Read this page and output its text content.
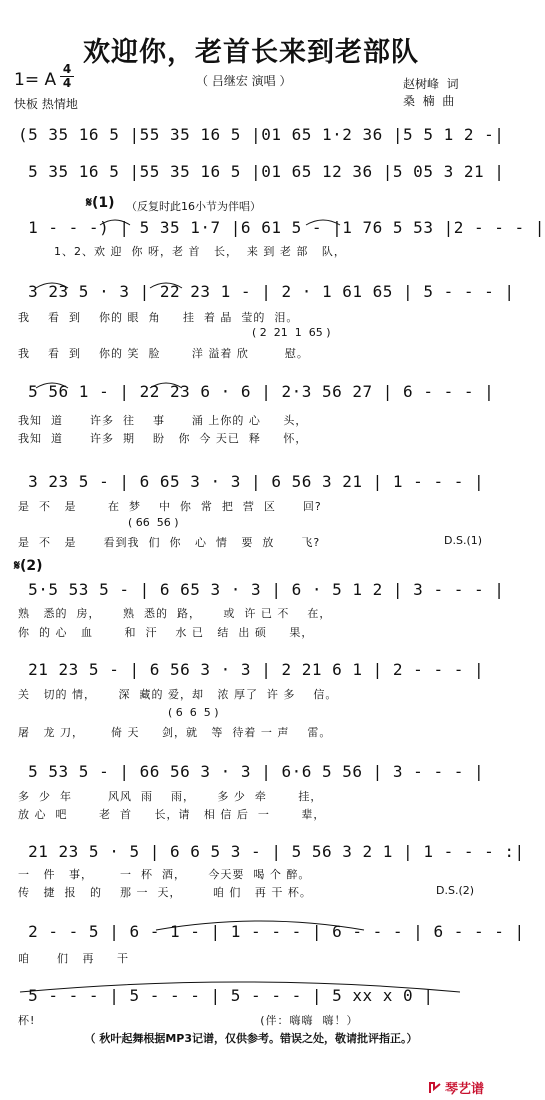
欢迎你，老首长来到老部队
1= A
4
4
快板 热情地
（ 吕继宏 演唱 ）	赵树峰  词
桑  楠  曲
(5 35 16 5 |55 35 16 5 |01 65 1·2 36 |5 5 1 2 -|
5 35 16 5 |55 35 16 5 |01 65 12 36 |5 05 3 21 |
𝄋(1) （反复时此16小节为伴唱）
1 - - -) | 5 35 1·7 |6 61 5 - |1 76 5 53 |2 - - - |
1、2、欢 迎  你 呀，老 首   长，  来 到 老 部   队，
3 23 5 · 3 | 22 23 1 - | 2 · 1 61 65 | 5 - - - |
我    看  到    你的 眼  角     挂  着 晶  莹的  泪。
( 2  21  1  65 )
我    看  到    你的 笑  脸       洋 溢着 欣        慰。
5 56 1 - | 22 23 6 · 6 | 2·3 56 27 | 6 - - - |
我知  道      许多  往    事      涌 上你的 心     头，
我知  道      许多  期    盼   你  今 天已  释     怀，
3 23 5 - | 6 65 3 · 3 | 6 56 3 21 | 1 - - - |
是  不   是       在  梦    中  你  常  把  营  区      回?
( 66  56 )
是  不   是      看到我  们  你   心  情   要  放      飞?	D.S.(1)
𝄋(2)
5·5 53 5 - | 6 65 3 · 3 | 6 · 5 1 2 | 3 - - - |
熟   悉的  房，     熟  悉的  路，     或  许 已 不    在，
你  的 心   血       和  汗    水 已   结  出 硕     果，
21 23 5 - | 6 56 3 · 3 | 2 21 6 1 | 2 - - - |
关   切的 情，     深  藏的 爱，却   浓 厚了  许 多    信。
( 6  6  5 )
屠   龙 刀，      倚 天     剑，就   等  待着 一 声    雷。
5 53 5 - | 66 56 3 · 3 | 6·6 5 56 | 3 - - - |
多  少  年        风风  雨    雨，     多 少  牵       挂，
放 心  吧       老  首     长，请   相 信 后  一       辈，
21 23 5 · 5 | 6 6 5 3 - | 5 56 3 2 1 | 1 - - - :|
一   件   事，      一  杯  酒，     今天要  喝 个 醉。
传   捷  报   的    那 一  天，       咱 们   再 干 杯。	D.S.(2)
2 - - 5 | 6 - 1 - | 1 - - - | 6 - - - | 6 - - - |
咱      们   再     干
5 - - - | 5 - - - | 5 - - - | 5 xx x 0 |
杯!                                                  (伴：嗨嗨  嗨！）
（ 秋叶起舞根据MP3记谱，仅供参考。错误之处，敬请批评指正。）
琴艺谱
